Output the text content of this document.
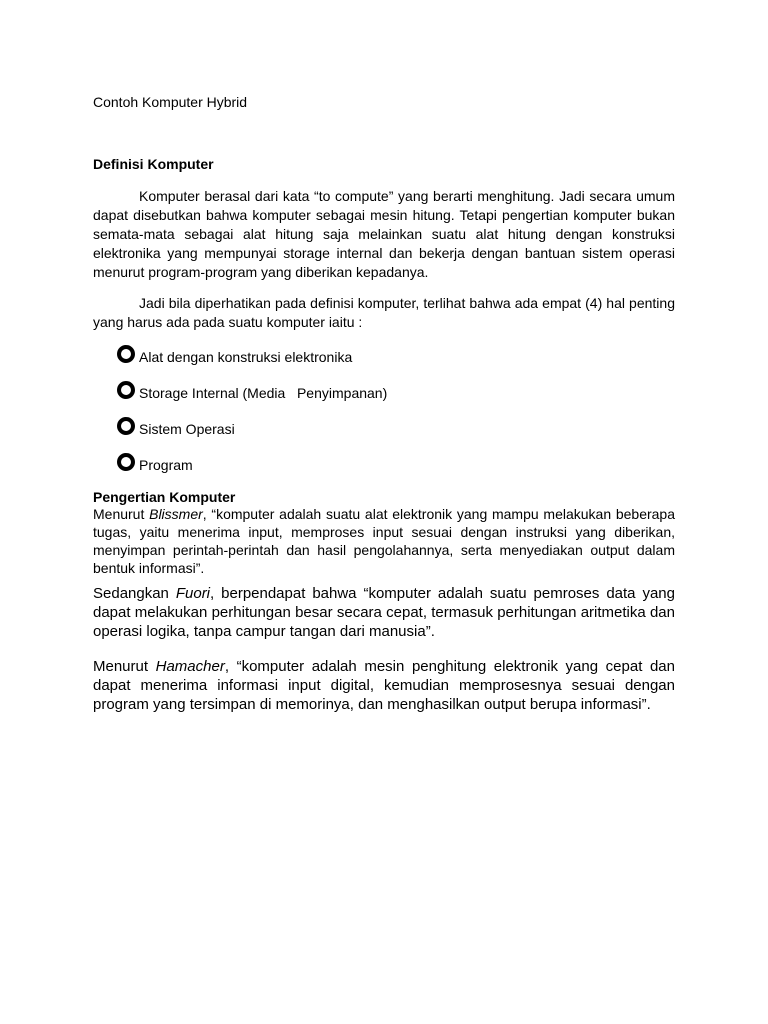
Contoh Komputer Hybrid
Definisi Komputer

Komputer berasal dari kata “to compute” yang berarti menghitung. Jadi secara umum dapat disebutkan bahwa komputer sebagai mesin hitung. Tetapi pengertian komputer bukan semata-mata sebagai alat hitung saja melainkan suatu alat hitung dengan konstruksi elektronika yang mempunyai storage internal dan bekerja dengan bantuan sistem operasi menurut program-program yang diberikan kepadanya.

Jadi bila diperhatikan pada definisi komputer, terlihat bahwa ada empat (4) hal penting yang harus ada pada suatu komputer iaitu :

Alat dengan konstruksi elektronika
Storage Internal (Media   Penyimpanan)
Sistem Operasi
Program
Pengertian Komputer

Menurut Blissmer, “komputer adalah suatu alat elektronik yang mampu melakukan beberapa tugas, yaitu menerima input, memproses input sesuai dengan instruksi yang diberikan, menyimpan perintah-perintah dan hasil pengolahannya, serta menyediakan output dalam bentuk informasi”.

Sedangkan Fuori, berpendapat bahwa “komputer adalah suatu pemroses data yang dapat melakukan perhitungan besar secara cepat, termasuk perhitungan aritmetika dan operasi logika, tanpa campur tangan dari manusia”.

Menurut Hamacher, “komputer adalah mesin penghitung elektronik yang cepat dan dapat menerima informasi input digital, kemudian memprosesnya sesuai dengan program yang tersimpan di memorinya, dan menghasilkan output berupa informasi”.
